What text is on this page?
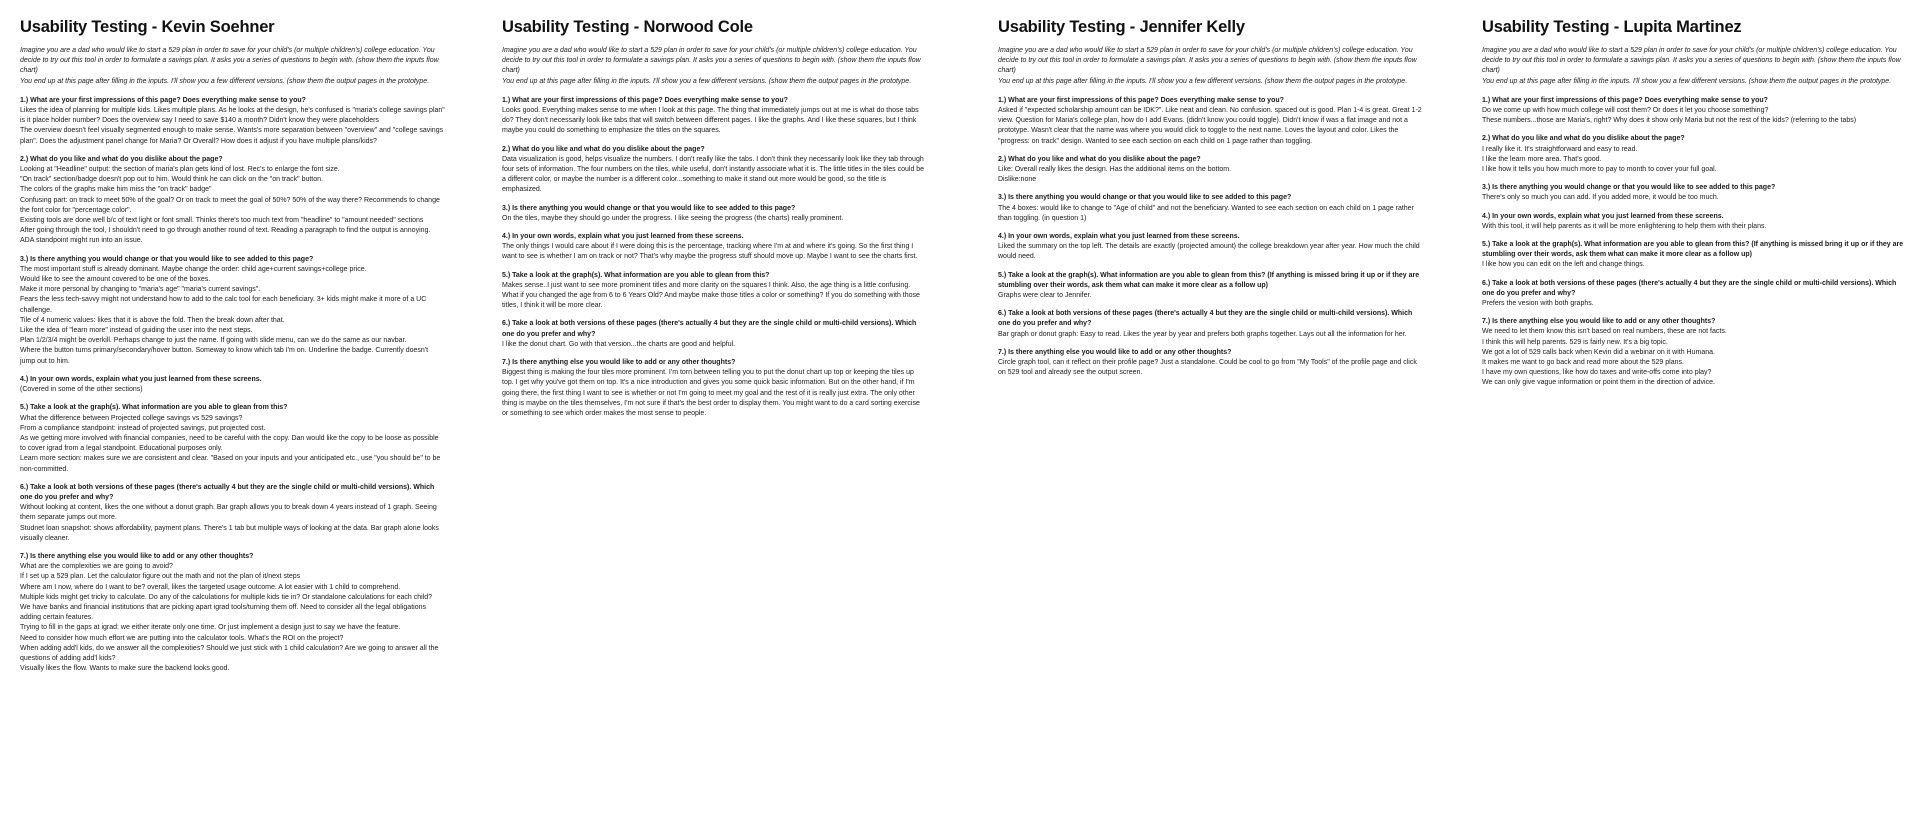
Usability Testing - Kevin Soehner

Imagine you are a dad who would like to start a 529 plan in order to save for your child's (or multiple children's) college education. You decide to try out this tool in order to formulate a savings plan. It asks you a series of questions to begin with. (show them the inputs flow chart)

You end up at this page after filling in the inputs. I'll show you a few different versions. (show them the output pages in the prototype.

1.) What are your first impressions of this page? Does everything make sense to you?

Likes the idea of planning for multiple kids. Likes multiple plans. As he looks at the design, he's confused is "maria's college savings plan" is it place holder number? Does the overview say I need to save $140 a month? Didn't know they were placeholders

The overview doesn't feel visually segmented enough to make sense. Wants's more separation between "overview" and "college savings plan". Does the adjustment panel change for Maria? Or Overall? How does it adjust if you have multiple plans/kids?

2.) What do you like and what do you dislike about the page?

Looking at "Headline" output: the section of maria's plan gets kind of lost. Rec's to enlarge the font size.

"On track" section/badge doesn't pop out to him. Would think he can click on the "on track" button.

The colors of the graphs make him miss the "on track" badge"

Confusing part: on track to meet 50% of the goal? Or on track to meet the goal of 50%? 50% of the way there? Recommends to change the font color for "percentage color".

Existing tools are done well b/c of text light or font small. Thinks there's too much text from "headline" to "amount needed" sections

After going through the tool, I shouldn't need to go through another round of text. Reading a paragraph to find the output is annoying.

ADA standpoint might run into an issue.

3.) Is there anything you would change or that you would like to see added to this page?

The most important stuff is already dominant. Maybe change the order: child age+current savings+college price.

Would like to see the amount covered to be one of the boxes.

Make it more personal by changing to "maria's age" "maria's current savings".

Fears the less tech-savvy might not understand how to add to the calc tool for each beneficiary. 3+ kids might make it more of a UC challenge.

Tile of 4 numeric values: likes that it is above the fold. Then the break down after that.

Like the idea of "learn more" instead of guiding the user into the next steps.

Plan 1/2/3/4 might be overkill. Perhaps change to just the name. If going with slide menu, can we do the same as our navbar.

Where the button turns primary/secondary/hover button. Someway to know which tab I'm on. Underline the badge. Currently doesn't jump out to him.

4.) In your own words, explain what you just learned from these screens.

(Covered in some of the other sections)

5.) Take a look at the graph(s). What information are you able to glean from this?

What the difference between Projected college savings vs 529 savings?

From a compliance standpoint: instead of projected savings, put projected cost.

As we getting more involved with financial companies, need to be careful with the copy. Dan would like the copy to be loose as possible to cover igrad from a legal standpoint. Educational purposes only.

Learn more section: makes sure we are consistent and clear. "Based on your inputs and your anticipated etc., use "you should be" to be non-committed.

6.) Take a look at both versions of these pages (there's actually 4 but they are the single child or multi-child versions). Which one do you prefer and why?

Without looking at content, likes the one without a donut graph. Bar graph allows you to break down 4 years instead of 1 graph. Seeing them separate jumps out more.

Studnet loan snapshot: shows affordability, payment plans. There's 1 tab but multiple ways of looking at the data. Bar graph alone looks visually cleaner.

7.) Is there anything else you would like to add or any other thoughts?

What are the complexities we are going to avoid?

If I set up a 529 plan. Let the calculator figure out the math and not the plan of it/next steps

Where am I now, where do I want to be? overall, likes the targeted usage outcome. A lot easier with 1 child to comprehend.

Multiple kids might get tricky to calculate. Do any of the calculations for multiple kids tie in? Or standalone calculations for each child?

We have banks and financial institutions that are picking apart igrad tools/turning them off. Need to consider all the legal obligations adding certain features.

Trying to fill in the gaps at igrad: we either iterate only one time. Or just implement a design just to say we have the feature.

Need to consider how much effort we are putting into the calculator tools. What's the ROI on the project?

When adding add'l kids, do we answer all the complexities? Should we just stick with 1 child calculation? Are we going to answer all the questions of adding add'l kids?

Visually likes the flow. Wants to make sure the backend looks good.

Usability Testing - Norwood Cole

Imagine you are a dad who would like to start a 529 plan in order to save for your child's (or multiple children's) college education. You decide to try out this tool in order to formulate a savings plan. It asks you a series of questions to begin with. (show them the inputs flow chart)

You end up at this page after filling in the inputs. I'll show you a few different versions. (show them the output pages in the prototype.

1.) What are your first impressions of this page? Does everything make sense to you?

Looks good. Everything makes sense to me when I look at this page. The thing that immediately jumps out at me is what do those tabs do? They don't necessarily look like tabs that will switch between different pages. I like the graphs. And I like these squares, but I think maybe you could do something to emphasize the titles on the squares.

2.) What do you like and what do you dislike about the page?

Data visualization is good, helps visualize the numbers. I don't really like the tabs. I don't think they necessarily look like they tab through four sets of information. The four numbers on the tiles, while useful, don't instantly associate what it is. The little titles in the tiles could be a different color, or maybe the number is a different color...something to make it stand out more would be good, so the title is emphasized.

3.) Is there anything you would change or that you would like to see added to this page?

On the tiles, maybe they should go under the progress. I like seeing the progress (the charts) really prominent.

4.) In your own words, explain what you just learned from these screens.

The only things I would care about if I were doing this is the percentage, tracking where I'm at and where it's going. So the first thing I want to see is whether I am on track or not? That's why maybe the progress stuff should move up. Maybe I want to see the charts first.

5.) Take a look at the graph(s). What information are you able to glean from this?

Makes sense..I just want to see more prominent titles and more clarity on the squares I think. Also, the age thing is a little confusing. What if you changed the age from 6 to 6 Years Old? And maybe make those titles a color or something? If you do something with those titles, I think it will be more clear.

6.) Take a look at both versions of these pages (there's actually 4 but they are the single child or multi-child versions). Which one do you prefer and why?

I like the donut chart. Go with that version...the charts are good and helpful.

7.) Is there anything else you would like to add or any other thoughts?

Biggest thing is making the four tiles more prominent. I'm torn between telling you to put the donut chart up top or keeping the tiles up top. I get why you've got them on top. It's a nice introduction and gives you some quick basic information. But on the other hand, if I'm going there, the first thing I want to see is whether or not I'm going to meet my goal and the rest of it is really just extra. The only other thing is maybe on the tiles themselves, I'm not sure if that's the best order to display them. You might want to do a card sorting exercise or something to see which order makes the most sense to people.

Usability Testing - Jennifer Kelly

Imagine you are a dad who would like to start a 529 plan in order to save for your child's (or multiple children's) college education. You decide to try out this tool in order to formulate a savings plan. It asks you a series of questions to begin with. (show them the inputs flow chart)

You end up at this page after filling in the inputs. I'll show you a few different versions. (show them the output pages in the prototype.

1.) What are your first impressions of this page? Does everything make sense to you?

Asked if "expected scholarship amount can be IDK?". Like neat and clean. No confusion. spaced out is good. Plan 1-4 is great. Great 1-2 view. Question for Maria's college plan, how do I add Evans. (didn't know you could toggle). Didn't know if was a flat image and not a prototype. Wasn't clear that the name was where you would click to toggle to the next name. Loves the layout and color. Likes the "progress: on track" design. Wanted to see each section on each child on 1 page rather than toggling.

2.) What do you like and what do you dislike about the page?

Like: Overall really likes the design. Has the additional items on the bottom.

Dislike:none

3.) Is there anything you would change or that you would like to see added to this page?

The 4 boxes: would like to change to "Age of child" and not the beneficiary. Wanted to see each section on each child on 1 page rather than toggling. (in question 1)

4.) In your own words, explain what you just learned from these screens.

Liked the summary on the top left. The details are exactly (projected amount) the college breakdown year after year. How much the child would need.

5.) Take a look at the graph(s). What information are you able to glean from this? (If anything is missed bring it up or if they are stumbling over their words, ask them what can make it more clear as a follow up)

Graphs were clear to Jennifer.

6.) Take a look at both versions of these pages (there's actually 4 but they are the single child or multi-child versions). Which one do you prefer and why?

Bar graph or donut graph: Easy to read. Likes the year by year and prefers both graphs together. Lays out all the information for her.

7.) Is there anything else you would like to add or any other thoughts?

Circle graph tool, can it reflect on their profile page? Just a standalone. Could be cool to go from "My Tools" of the profile page and click on 529 tool and already see the output screen.

Usability Testing - Lupita Martinez

Imagine you are a dad who would like to start a 529 plan in order to save for your child's (or multiple children's) college education. You decide to try out this tool in order to formulate a savings plan. It asks you a series of questions to begin with. (show them the inputs flow chart)

You end up at this page after filling in the inputs. I'll show you a few different versions. (show them the output pages in the prototype.

1.) What are your first impressions of this page? Does everything make sense to you?

Do we come up with how much college will cost them? Or does it let you choose something?

These numbers...those are Maria's, right? Why does it show only Maria but not the rest of the kids? (referring to the tabs)

2.) What do you like and what do you dislike about the page?

I really like it. It's straightforward and easy to read.

I like the learn more area. That's good.

I like how it tells you how much more to pay to month to cover your full goal.

3.) Is there anything you would change or that you would like to see added to this page?

There's only so much you can add. If you added more, it would be too much.

4.) In your own words, explain what you just learned from these screens.

With this tool, it will help parents as it will be more enlightening to help them with their plans.

5.) Take a look at the graph(s). What information are you able to glean from this? (If anything is missed bring it up or if they are stumbling over their words, ask them what can make it more clear as a follow up)

I like how you can edit on the left and change things.

6.) Take a look at both versions of these pages (there's actually 4 but they are the single child or multi-child versions). Which one do you prefer and why?

Prefers the vesion with both graphs.

7.) Is there anything else you would like to add or any other thoughts?

We need to let them know this isn't based on real numbers, these are not facts.

I think this will help parents. 529 is fairly new. It's a big topic.

We got a lot of 529 calls back when Kevin did a webinar on it with Humana.

It makes me want to go back and read more about the 529 plans.

I have my own questions, like how do taxes and write-offs come into play?

We can only give vague information or point them in the direction of advice.
